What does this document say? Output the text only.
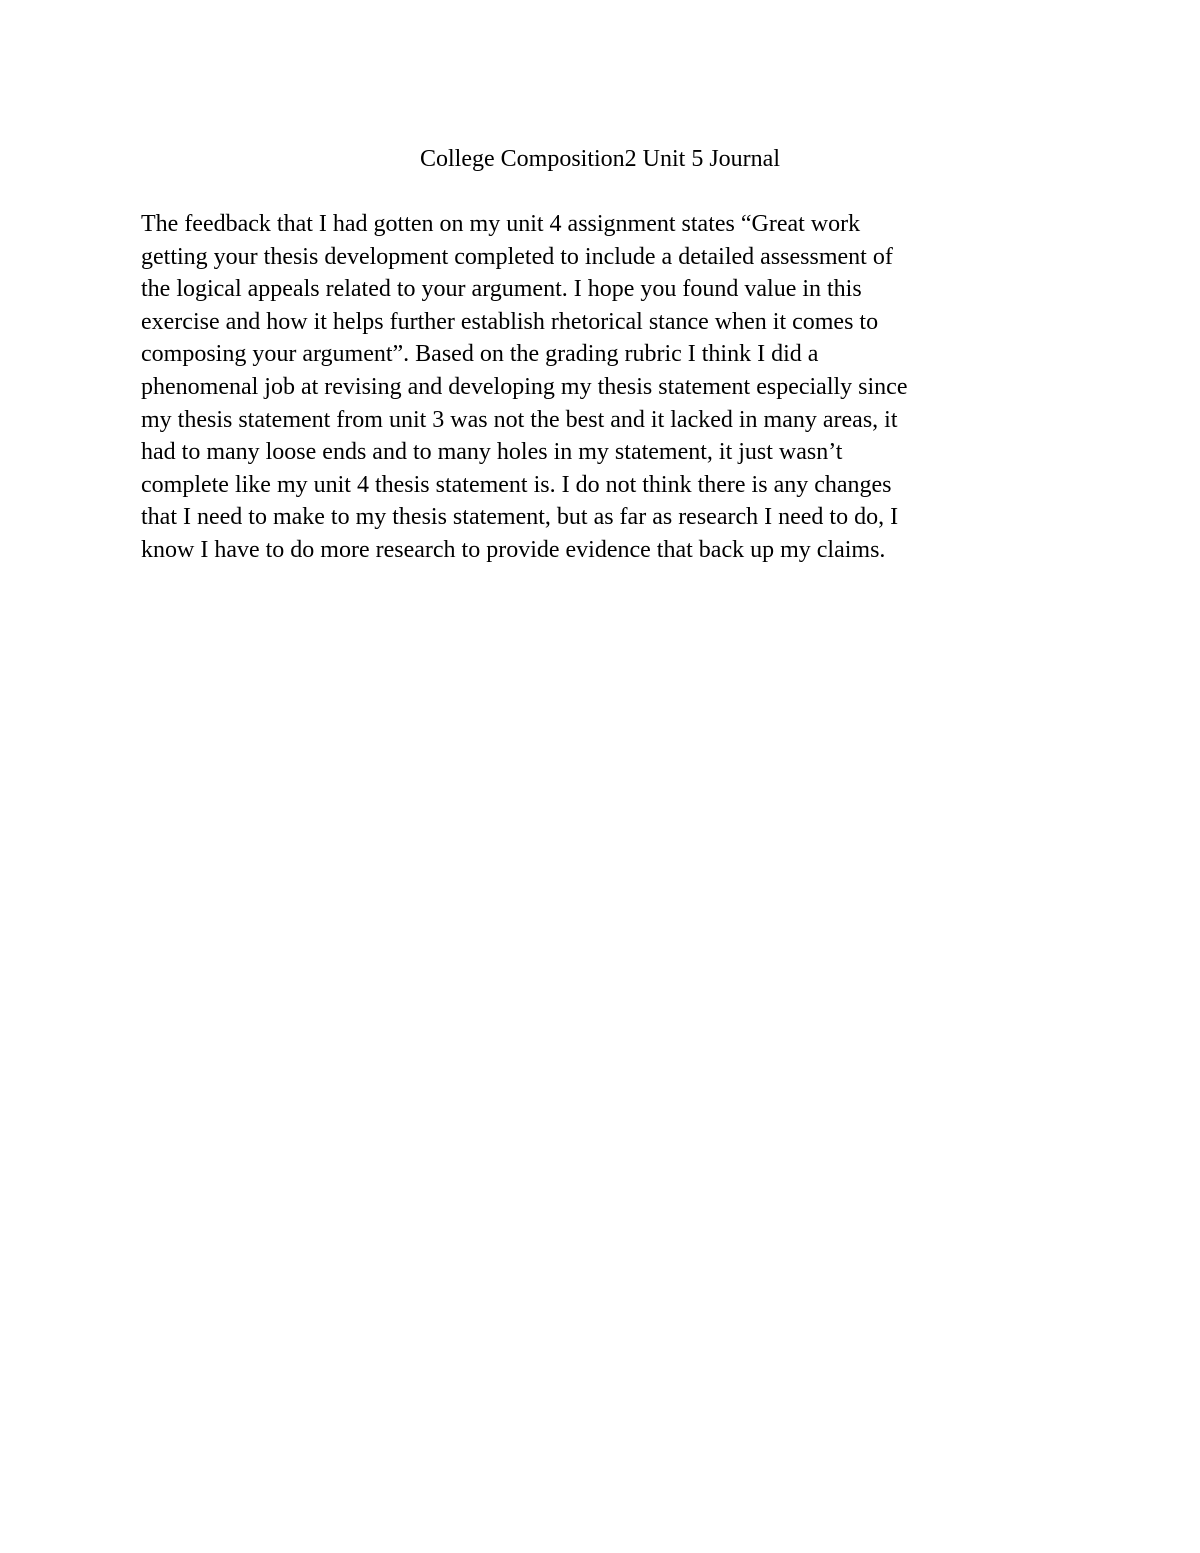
College Composition2 Unit 5 Journal
The feedback that I had gotten on my unit 4 assignment states “Great work
getting your thesis development completed to include a detailed assessment of
the logical appeals related to your argument. I hope you found value in this
exercise and how it helps further establish rhetorical stance when it comes to
composing your argument”. Based on the grading rubric I think I did a
phenomenal job at revising and developing my thesis statement especially since
my thesis statement from unit 3 was not the best and it lacked in many areas, it
had to many loose ends and to many holes in my statement, it just wasn’t
complete like my unit 4 thesis statement is. I do not think there is any changes
that I need to make to my thesis statement, but as far as research I need to do, I
know I have to do more research to provide evidence that back up my claims.
